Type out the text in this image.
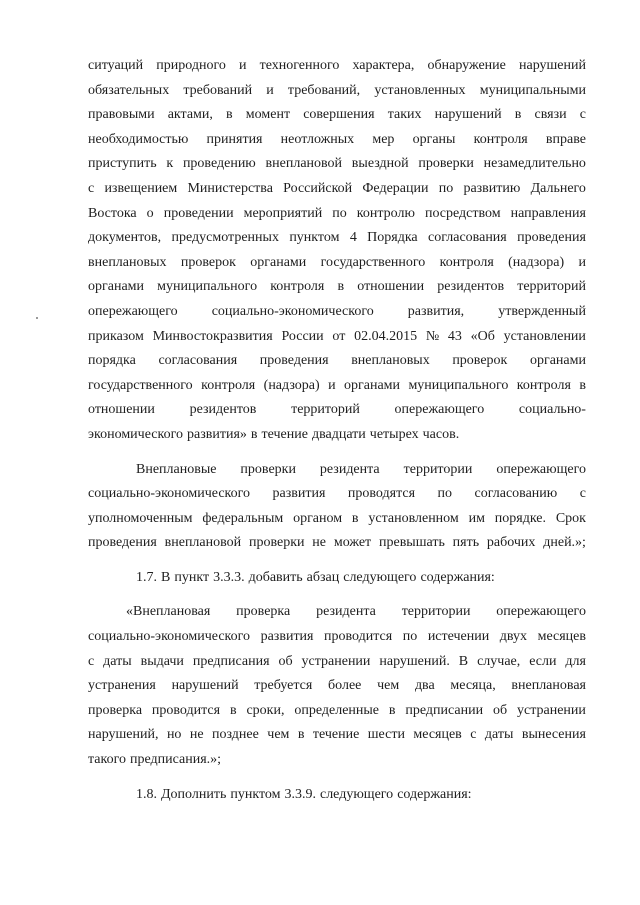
ситуаций природного и техногенного характера, обнаружение нарушений
обязательных требований и требований, установленных муниципальными
правовыми актами, в момент совершения таких нарушений в связи с
необходимостью принятия неотложных мер органы контроля вправе
приступить к проведению внеплановой выездной проверки незамедлительно
с извещением Министерства Российской Федерации по развитию Дальнего
Востока о проведении мероприятий по контролю посредством направления
документов, предусмотренных пунктом 4 Порядка согласования проведения
внеплановых проверок органами государственного контроля (надзора) и
органами муниципального контроля в отношении резидентов территорий
опережающего социально-экономического развития, утвержденный
приказом Минвостокразвития России от 02.04.2015 № 43 «Об установлении
порядка согласования проведения внеплановых проверок органами
государственного контроля (надзора) и органами муниципального контроля в
отношении резидентов территорий опережающего социально-
экономического развития» в течение двадцати четырех часов.
Внеплановые проверки резидента территории опережающего
социально-экономического развития проводятся по согласованию с
уполномоченным федеральным органом в установленном им порядке. Срок
проведения внеплановой проверки не может превышать пять рабочих дней.»;
1.7. В пункт 3.3.3. добавить абзац следующего содержания:
«Внеплановая проверка резидента территории опережающего
социально-экономического развития проводится по истечении двух месяцев
с даты выдачи предписания об устранении нарушений. В случае, если для
устранения нарушений требуется более чем два месяца, внеплановая
проверка проводится в сроки, определенные в предписании об устранении
нарушений, но не позднее чем в течение шести месяцев с даты вынесения
такого предписания.»;
1.8. Дополнить пунктом 3.3.9. следующего содержания:
